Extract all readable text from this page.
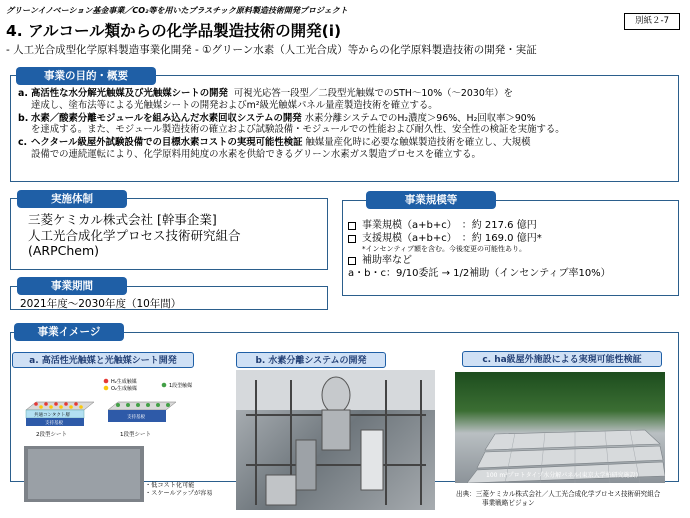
グリーンイノベーション基金事業／CO₂等を用いたプラスチック原料製造技術開発プロジェクト
別紙２-7
4. アルコール類からの化学品製造技術の開発(ⅰ)
- 人工光合成型化学原料製造事業化開発 - ①グリーン水素（人工光合成）等からの化学原料製造技術の開発・実証
事業の目的・概要
a. 高活性な水分解光触媒及び光触媒シートの開発 可視光応答一段型／二段型光触媒でのSTH～10%（～2030年）を
達成し、塗布法等による光触媒シートの開発およびm²級光触媒パネル量産製造技術を確立する。
b. 水素／酸素分離モジュールを組み込んだ水素回収システムの開発 水素分離システムでのH₂濃度＞96%、H₂回収率＞90%
を達成する。また、モジュール製造技術の確立および試験設備・モジュールでの性能および耐久性、安全性の検証を実施する。
c. ヘクタール級屋外試験設備での目標水素コストの実現可能性検証 触媒量産化時に必要な触媒製造技術を確立し、大規模
設備での連続運転により、化学原料用純度の水素を供給できるグリーン水素ガス製造プロセスを確立する。
実施体制
三菱ケミカル株式会社 [幹事企業]
人工光合成化学プロセス技術研究組合
(ARPChem)
事業期間
2021年度～2030年度（10年間）
事業規模等
事業規模（a+b+c）　：約 217.6 億円
支援規模（a+b+c）　：約 169.0 億円*
*インセンティブ額を含む。今後変更の可能性あり。
補助率など
a・b・c：9/10委託 → 1/2補助（インセンティブ率10%）
事業イメージ
a. 高活性光触媒と光触媒シート開発
H₂生成触媒
O₂生成触媒	1段型触媒
共通コンタクト層
支持基板
2段型シート
支持基板
1段型シート
・低コスト化可能
・スケールアップが容易
b. 水素分離システムの開発	c. ha級屋外施設による実現可能性検証
100 m²プロトタイプ水分解パネル(東京大学柏研究施設)
出典：三菱ケミカル株式会社／人工光合成化学プロセス技術研究組合
事業戦略ビジョン
